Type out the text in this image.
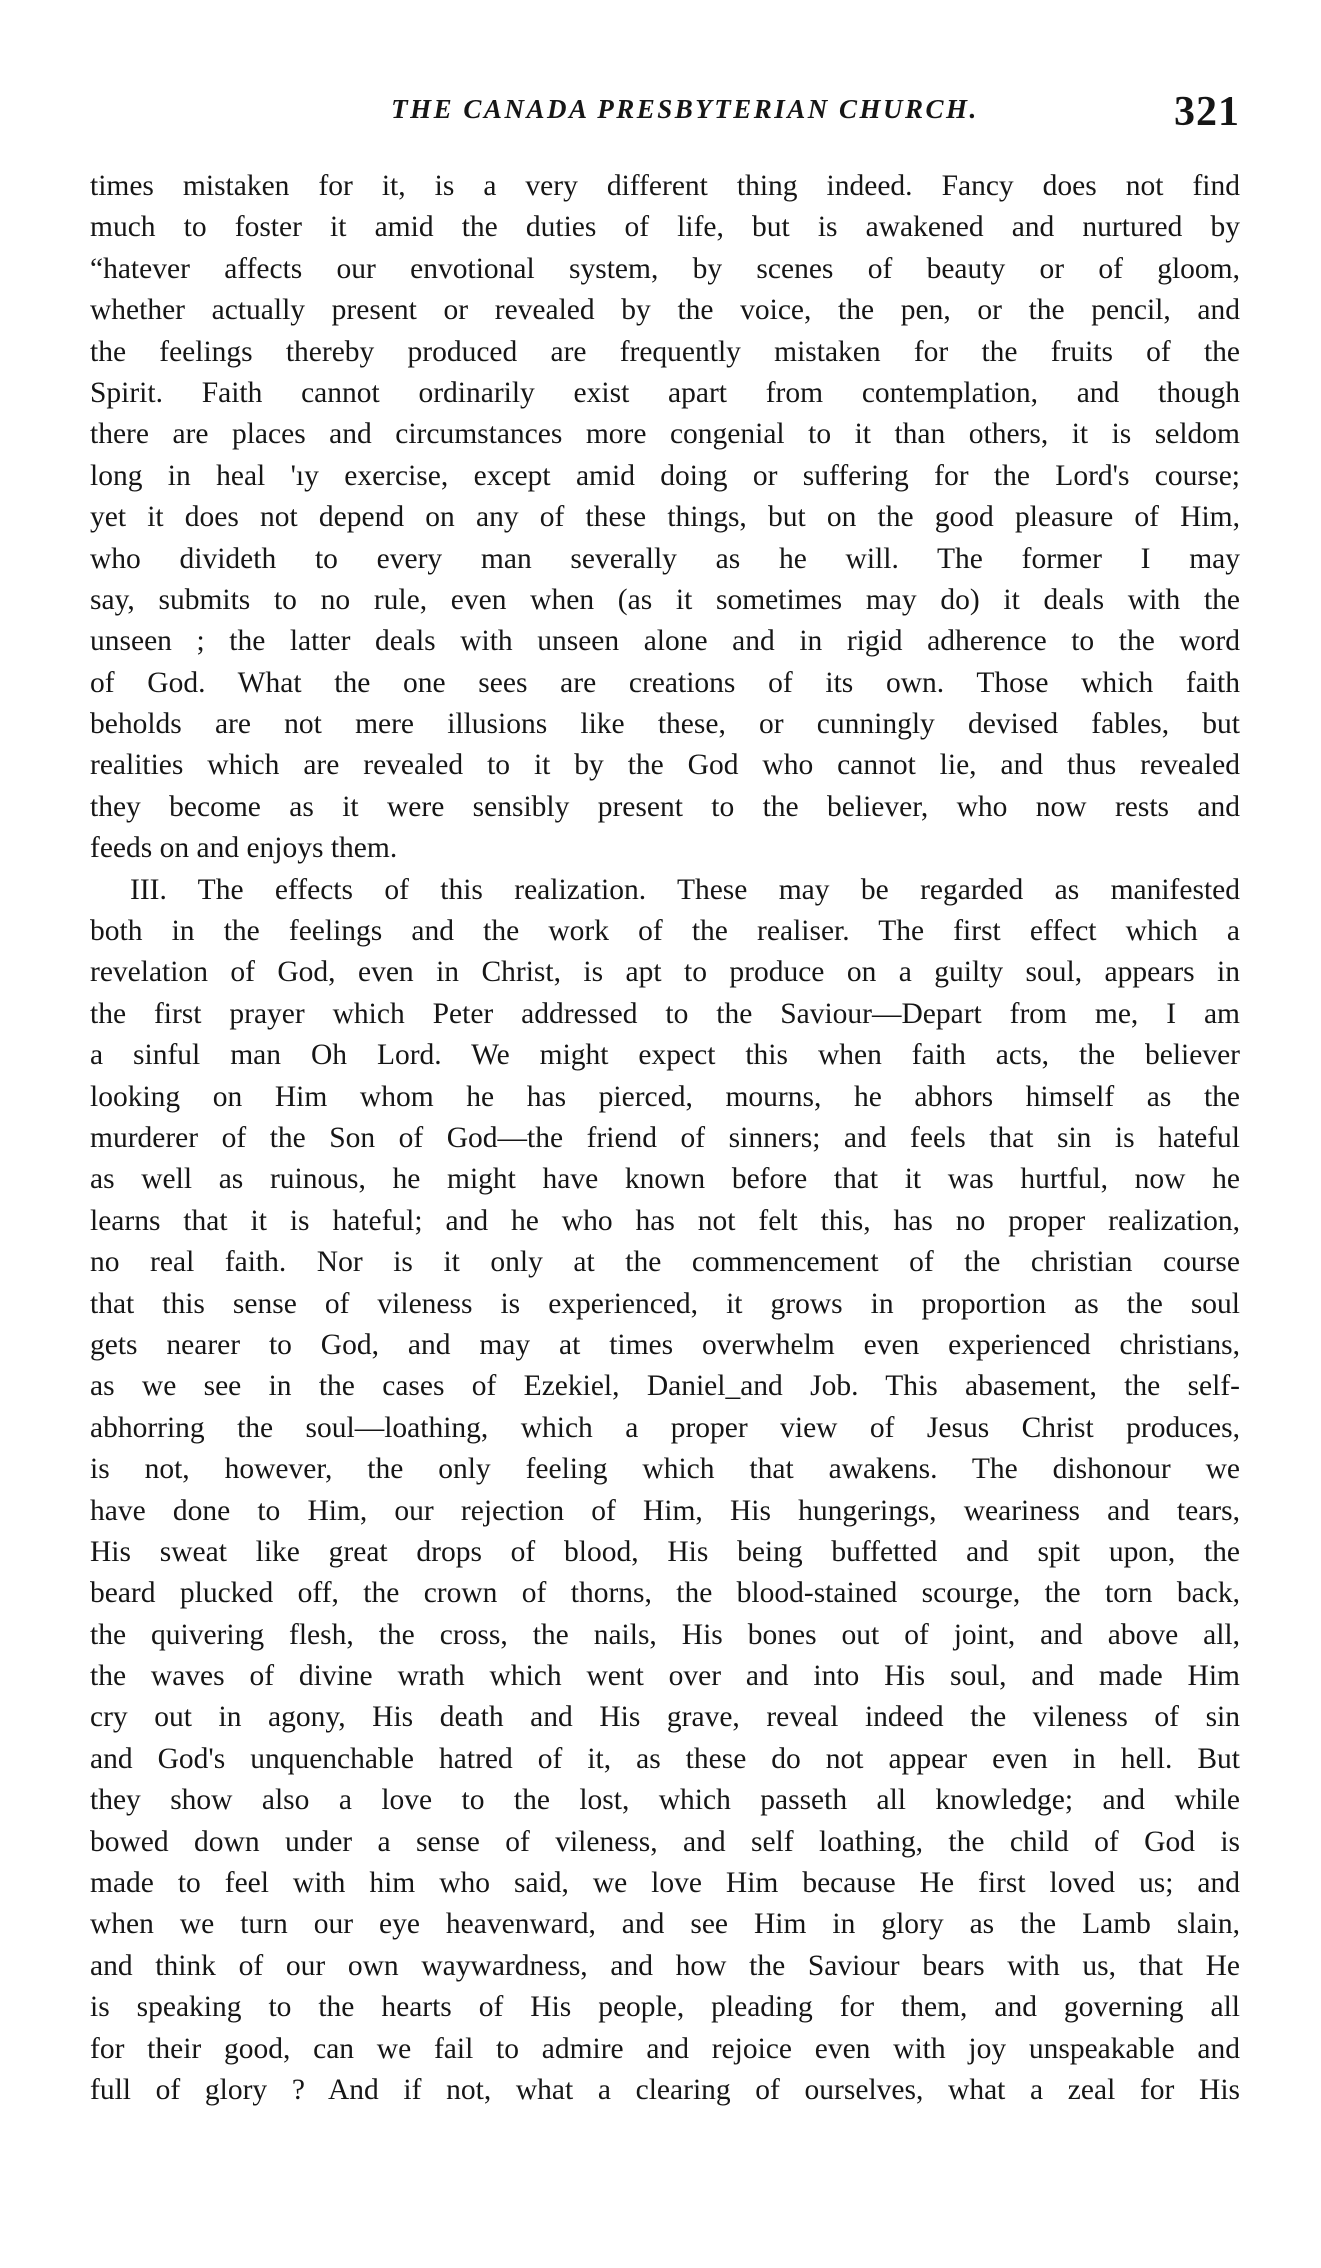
THE CANADA PRESBYTERIAN CHURCH.	321
times mistaken for it, is a very different thing indeed. Fancy does not find
much to foster it amid the duties of life, but is awakened and nurtured by
“hatever affects our envotional system, by scenes of beauty or of gloom,
whether actually present or revealed by the voice, the pen, or the pencil, and
the feelings thereby produced are frequently mistaken for the fruits of the
Spirit. Faith cannot ordinarily exist apart from contemplation, and though
there are places and circumstances more congenial to it than others, it is seldom
long in heal 'ıy exercise, except amid doing or suffering for the Lord's course;
yet it does not depend on any of these things, but on the good pleasure of Him,
who divideth to every man severally as he will. The former I may
say, submits to no rule, even when (as it sometimes may do) it deals with the
unseen ; the latter deals with unseen alone and in rigid adherence to the word
of God. What the one sees are creations of its own. Those which faith
beholds are not mere illusions like these, or cunningly devised fables, but
realities which are revealed to it by the God who cannot lie, and thus revealed
they become as it were sensibly present to the believer, who now rests and
feeds on and enjoys them.
III. The effects of this realization. These may be regarded as manifested
both in the feelings and the work of the realiser. The first effect which a
revelation of God, even in Christ, is apt to produce on a guilty soul, appears in
the first prayer which Peter addressed to the Saviour—Depart from me, I am
a sinful man Oh Lord. We might expect this when faith acts, the believer
looking on Him whom he has pierced, mourns, he abhors himself as the
murderer of the Son of God—the friend of sinners; and feels that sin is hateful
as well as ruinous, he might have known before that it was hurtful, now he
learns that it is hateful; and he who has not felt this, has no proper realization,
no real faith. Nor is it only at the commencement of the christian course
that this sense of vileness is experienced, it grows in proportion as the soul
gets nearer to God, and may at times overwhelm even experienced christians,
as we see in the cases of Ezekiel, Daniel_and Job. This abasement, the self-
abhorring the soul—loathing, which a proper view of Jesus Christ produces,
is not, however, the only feeling which that awakens. The dishonour we
have done to Him, our rejection of Him, His hungerings, weariness and tears,
His sweat like great drops of blood, His being buffetted and spit upon, the
beard plucked off, the crown of thorns, the blood-stained scourge, the torn back,
the quivering flesh, the cross, the nails, His bones out of joint, and above all,
the waves of divine wrath which went over and into His soul, and made Him
cry out in agony, His death and His grave, reveal indeed the vileness of sin
and God's unquenchable hatred of it, as these do not appear even in hell. But
they show also a love to the lost, which passeth all knowledge; and while
bowed down under a sense of vileness, and self loathing, the child of God is
made to feel with him who said, we love Him because He first loved us; and
when we turn our eye heavenward, and see Him in glory as the Lamb slain,
and think of our own waywardness, and how the Saviour bears with us, that He
is speaking to the hearts of His people, pleading for them, and governing all
for their good, can we fail to admire and rejoice even with joy unspeakable and
full of glory ? And if not, what a clearing of ourselves, what a zeal for His
